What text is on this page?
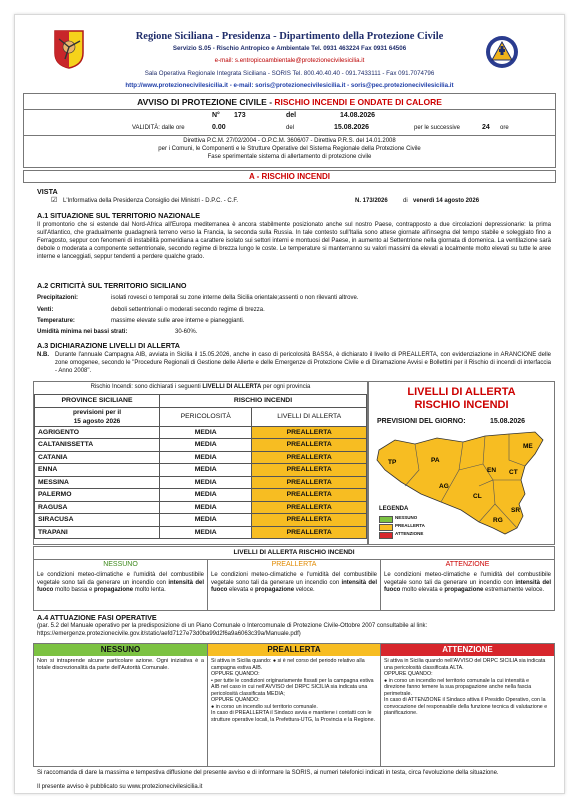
Regione Siciliana - Presidenza - Dipartimento della Protezione Civile
Servizio S.05 - Rischio Antropico e Ambientale Tel. 0931 463224 Fax 0931 64506
e-mail: s.entropicoambientale@protezionecivilesicilia.it
Sala Operativa Regionale Integrata Siciliana - SORIS Tel. 800.40.40.40 - 091.7433111 - Fax 091.7074796
http://www.protezionecivilesicilia.it - e-mail: soris@protezionecivilesicilia.it - soris@pec.protezionecivilesicilia.it
AVVISO DI PROTEZIONE CIVILE - RISCHIO INCENDI E ONDATE DI CALORE
N° 173	del	14.08.2026
VALIDITÀ: dalle ore	0.00	del	15.08.2026	per le successive	24 ore
Direttiva P.C.M. 27/02/2004 - O.P.C.M. 3606/07 - Direttiva P.R.S. del 14.01.2008
per i Comuni, le Componenti e le Strutture Operative del Sistema Regionale della Protezione Civile
Fase sperimentale sistema di allertamento di protezione civile
A - RISCHIO INCENDI
VISTA
☑ L'Informativa della Presidenza Consiglio dei Ministri - D.P.C. - C.F.	N. 173/2026	di venerdì 14 agosto 2026
A.1 SITUAZIONE SUL TERRITORIO NAZIONALE
Il promontorio che si estende dal Nord-Africa all'Europa mediterranea è ancora stabilmente posizionato anche sul nostro Paese, contrapposto a due circolazioni depressionarie: la prima sull'Atlantico, che gradualmente guadagnerà terreno verso la Francia, la seconda sulla Russia. In tale contesto sull'Italia sono attese giornate all'insegna del tempo stabile e soleggiato fino a Ferragosto, seppur con fenomeni di instabilità pomeridiana a carattere isolato sui settori interni e montuosi del Paese, in aumento al Settentrione nella giornata di domenica. La ventilazione sarà debole o moderata a componente settentrionale, secondo regime di brezza lungo le coste. Le temperature si manterranno su valori massimi da elevati a localmente molto elevati su tutte le aree interne e lanceggiati, seppur tendenti a perdere qualche grado.
A.2 CRITICITÀ SUL TERRITORIO SICILIANO
Precipitazioni:	isolati rovesci o temporali su zone interne della Sicilia orientale;assenti o non rilevanti altrove.
Venti:	deboli settentrionali o moderati secondo regime di brezza.
Temperature:	massime elevate sulle aree interne e pianeggianti.
Umidità minima nei bassi strati:	30-60%.
A.3 DICHIARAZIONE LIVELLI DI ALLERTA
N.B. Durante l'annuale Campagna AIB, avviata in Sicilia il 15.05.2026, anche in caso di pericolosità BASSA, è dichiarato il livello di PREALLERTA, con evidenziazione in ARANCIONE delle zone omogenee, secondo le "Procedure Regionali di Gestione delle Allerte e delle Emergenze di Protezione Civile e di Diramazione Avvisi e Bollettini per il Rischio di incendi di interfaccia - Anno 2008".
Rischio Incendi: sono dichiarati i seguenti LIVELLI DI ALLERTA per ogni provincia
PROVINCE SICILIANE	RISCHIO INCENDI	

previsioni per il
15 agosto 2026	PERICOLOSITÀ	LIVELLI DI ALLERTA

AGRIGENTO	MEDIA	PREALLERTA
CALTANISSETTA	MEDIA	PREALLERTA
CATANIA	MEDIA	PREALLERTA
ENNA	MEDIA	PREALLERTA
MESSINA	MEDIA	PREALLERTA
PALERMO	MEDIA	PREALLERTA
RAGUSA	MEDIA	PREALLERTA
SIRACUSA	MEDIA	PREALLERTA
TRAPANI	MEDIA	PREALLERTA
LIVELLI DI ALLERTA
RISCHIO INCENDI
PREVISIONI DEL GIORNO:	15.08.2026
TP	PA
ME
CT
EN
AG
CL
RG
SR
LEGENDA
NESSUNO
PREALLERTA
ATTENZIONE
LIVELLI DI ALLERTA RISCHIO INCENDI
NESSUNO
Le condizioni meteo-climatiche e l'umidità del combustibile vegetale sono tali da generare un incendio con intensità del fuoco molto bassa e propagazione molto lenta.
PREALLERTA
Le condizioni meteo-climatiche e l'umidità del combustibile vegetale sono tali da generare un incendio con intensità del fuoco elevata e propagazione veloce.
ATTENZIONE
Le condizioni meteo-climatiche e l'umidità del combustibile vegetale sono tali da generare un incendio con intensità del fuoco molto elevata e propagazione estremamente veloce.
A.4 ATTUAZIONE FASI OPERATIVE
(par. 5.2 del Manuale operativo per la predisposizione di un Piano Comunale o Intercomunale di Protezione Civile-Ottobre 2007 consultabile al link: https://emergenze.protezionecivile.gov.it/static/aefd7127e73d0ba99d2f6a9a6063c39a/Manuale.pdf)
NESSUNO
Non si intraprende alcune particolare azione. Ogni iniziativa è a totale discrezionalità da parte dell'Autorità Comunale.
PREALLERTA
Si attiva in Sicilia quando: ● si è nel corso del periodo relativo alla campagna estiva AIB.
OPPURE QUANDO:
• per tutte le condizioni originariamente fissati per la campagna estiva AIB nel caso in cui nell'AVVISO del DRPC SICILIA sia indicata una pericolosità classificata MEDIA;
OPPURE QUANDO:
● in corso un incendio sul territorio comunale.
In caso di PREALLERTA il Sindaco avvia e mantiene i contatti con le strutture operative locali, la Prefettura-UTG, la Provincia e la Regione.
ATTENZIONE
Si attiva in Sicilia quando nell'AVVISO del DRPC SICILIA sia indicata una pericolosità classificata ALTA.
OPPURE QUANDO:
● in corso un incendio nel territorio comunale la cui intensità e direzione fanno temere la sua propagazione anche nella fascia perimetrale.
In caso di ATTENZIONE il Sindaco attiva il Presidio Operativo, con la convocazione del responsabile della funzione tecnica di valutazione e pianificazione.
Si raccomanda di dare la massima e tempestiva diffusione del presente avviso e di informare la SORIS, ai numeri telefonici indicati in testa, circa l'evoluzione della situazione.
Il presente avviso è pubblicato su www.protezionecivilesicilia.it
